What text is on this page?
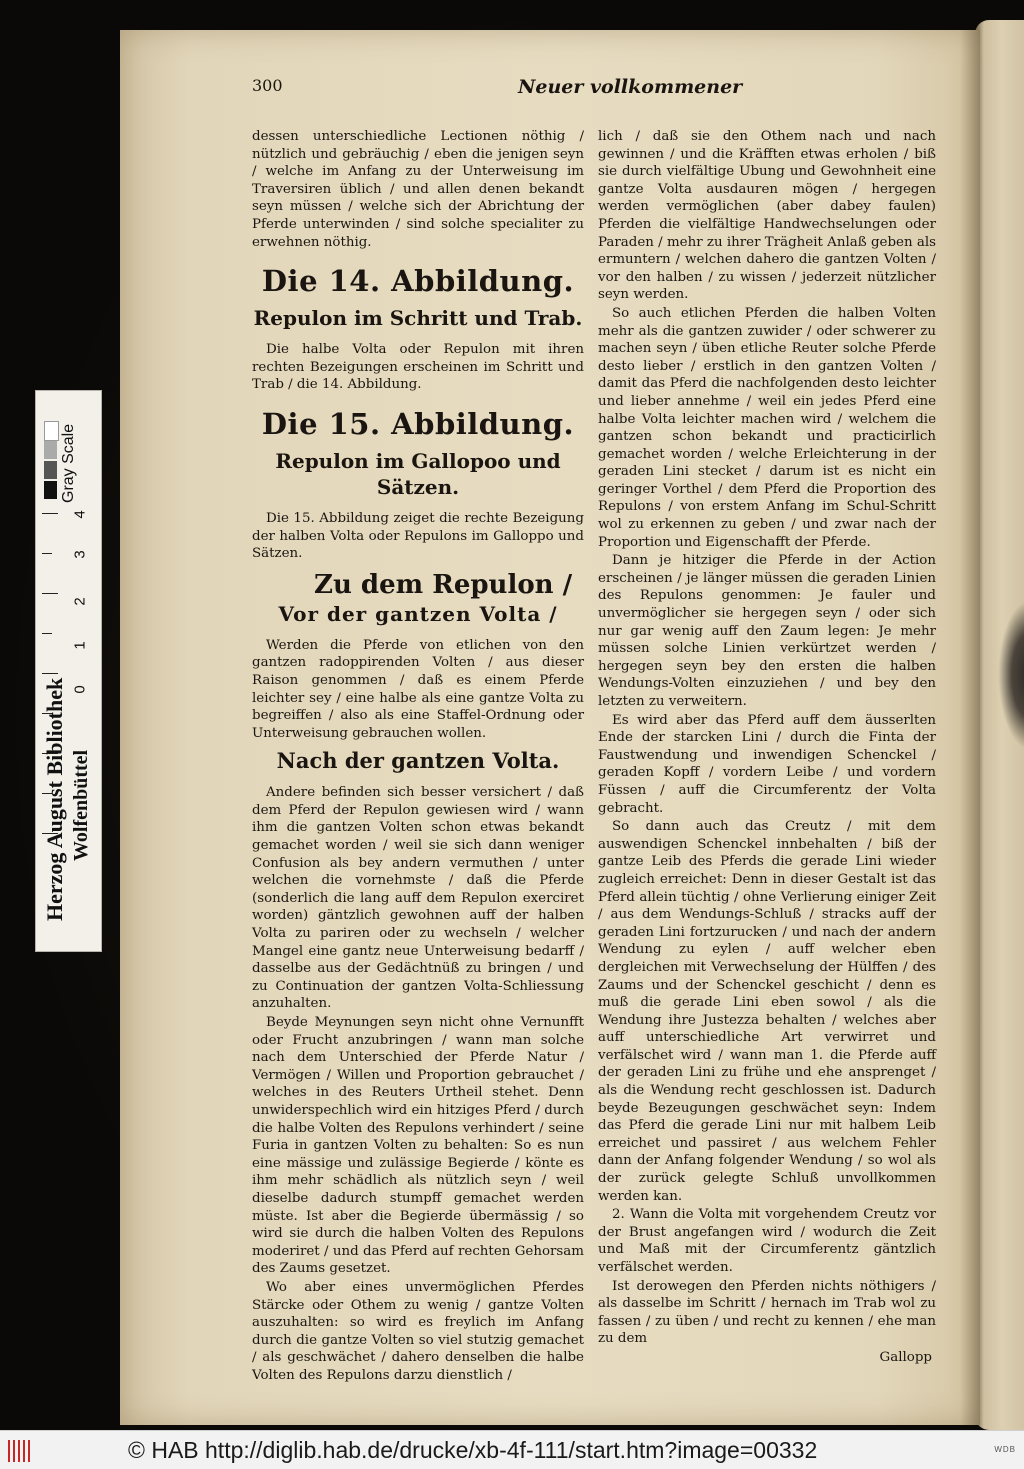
300	Neuer vollkommener

dessen unterschiedliche Lectionen nöthig / nützlich und gebräuchig / eben die jenigen seyn / welche im Anfang zu der Unterweisung im Traversiren üblich / und allen denen bekandt seyn müssen / welche sich der Abrichtung der Pferde unterwinden / sind solche specialiter zu erwehnen nöthig.

Die 14. Abbildung.
Repulon im Schritt und Trab.

Die halbe Volta oder Repulon mit ihren rechten Bezeigungen erscheinen im Schritt und Trab / die 14. Abbildung.

Die 15. Abbildung.
Repulon im Gallopoo und Sätzen.

Die 15. Abbildung zeiget die rechte Bezeigung der halben Volta oder Repulons im Galloppo und Sätzen.

Zu dem Repulon /
Vor der gantzen Volta /

Werden die Pferde von etlichen von den gantzen radoppirenden Volten / aus dieser Raison genommen / daß es einem Pferde leichter sey / eine halbe als eine gantze Volta zu begreiffen / also als eine Staffel-Ordnung oder Unterweisung gebrauchen wollen.

Nach der gantzen Volta.

Andere befinden sich besser versichert / daß dem Pferd der Repulon gewiesen wird / wann ihm die gantzen Volten schon etwas bekandt gemachet worden / weil sie sich dann weniger Confusion als bey andern vermuthen / unter welchen die vornehmste / daß die Pferde (sonderlich die lang auff dem Repulon exerciret worden) gäntzlich gewohnen auff der halben Volta zu pariren oder zu wechseln / welcher Mangel eine gantz neue Unterweisung bedarff / dasselbe aus der Gedächtnüß zu bringen / und zu Continuation der gantzen Volta-Schliessung anzuhalten.

Beyde Meynungen seyn nicht ohne Vernunfft oder Frucht anzubringen / wann man solche nach dem Unterschied der Pferde Natur / Vermögen / Willen und Proportion gebrauchet / welches in des Reuters Urtheil stehet. Denn unwiderspechlich wird ein hitziges Pferd / durch die halbe Volten des Repulons verhindert / seine Furia in gantzen Volten zu behalten: So es nun eine mässige und zulässige Begierde / könte es ihm mehr schädlich als nützlich seyn / weil dieselbe dadurch stumpff gemachet werden müste. Ist aber die Begierde übermässig / so wird sie durch die halben Volten des Repulons moderiret / und das Pferd auf rechten Gehorsam des Zaums gesetzet.

Wo aber eines unvermöglichen Pferdes Stärcke oder Othem zu wenig / gantze Volten auszuhalten: so wird es freylich im Anfang durch die gantze Volten so viel stutzig gemachet / als geschwächet / dahero denselben die halbe Volten des Repulons darzu dienstlich /

lich / daß sie den Othem nach und nach gewinnen / und die Kräfften etwas erholen / biß sie durch vielfältige Ubung und Gewohnheit eine gantze Volta ausdauren mögen / hergegen werden vermöglichen (aber dabey faulen) Pferden die vielfältige Handwechselungen oder Paraden / mehr zu ihrer Trägheit Anlaß geben als ermuntern / welchen dahero die gantzen Volten / vor den halben / zu wissen / jederzeit nützlicher seyn werden.

So auch etlichen Pferden die halben Volten mehr als die gantzen zuwider / oder schwerer zu machen seyn / üben etliche Reuter solche Pferde desto lieber / erstlich in den gantzen Volten / damit das Pferd die nachfolgenden desto leichter und lieber annehme / weil ein jedes Pferd eine halbe Volta leichter machen wird / welchem die gantzen schon bekandt und practicirlich gemachet worden / welche Erleichterung in der geraden Lini stecket / darum ist es nicht ein geringer Vorthel / dem Pferd die Proportion des Repulons / von erstem Anfang im Schul-Schritt wol zu erkennen zu geben / und zwar nach der Proportion und Eigenschafft der Pferde.

Dann je hitziger die Pferde in der Action erscheinen / je länger müssen die geraden Linien des Repulons genommen: Je fauler und unvermöglicher sie hergegen seyn / oder sich nur gar wenig auff den Zaum legen: Je mehr müssen solche Linien verkürtzet werden / hergegen seyn bey den ersten die halben Wendungs-Volten einzuziehen / und bey den letzten zu verweitern.

Es wird aber das Pferd auff dem äusserlten Ende der starcken Lini / durch die Finta der Faustwendung und inwendigen Schenckel / geraden Kopff / vordern Leibe / und vordern Füssen / auff die Circumferentz der Volta gebracht.

So dann auch das Creutz / mit dem auswendigen Schenckel innbehalten / biß der gantze Leib des Pferds die gerade Lini wieder zugleich erreichet: Denn in dieser Gestalt ist das Pferd allein tüchtig / ohne Verlierung einiger Zeit / aus dem Wendungs-Schluß / stracks auff der geraden Lini fortzurucken / und nach der andern Wendung zu eylen / auff welcher eben dergleichen mit Verwechselung der Hülffen / des Zaums und der Schenckel geschicht / denn es muß die gerade Lini eben sowol / als die Wendung ihre Justezza behalten / welches aber auff unterschiedliche Art verwirret und verfälschet wird / wann man 1. die Pferde auff der geraden Lini zu frühe und ehe ansprenget / als die Wendung recht geschlossen ist. Dadurch beyde Bezeugungen geschwächet seyn: Indem das Pferd die gerade Lini nur mit halbem Leib erreichet und passiret / aus welchem Fehler dann der Anfang folgender Wendung / so wol als der zurück gelegte Schluß unvollkommen werden kan.

2. Wann die Volta mit vorgehendem Creutz vor der Brust angefangen wird / wodurch die Zeit und Maß mit der Circumferentz gäntzlich verfälschet werden.

Ist derowegen den Pferden nichts nöthigers / als dasselbe im Schritt / hernach im Trab wol zu fassen / zu üben / und recht zu kennen / ehe man zu dem

Gallopp
Gray Scale
4
3
2
1
0
Herzog August Bibliothek Wolfenbüttel
© HAB http://diglib.hab.de/drucke/xb-4f-111/start.htm?image=00332	WDB
